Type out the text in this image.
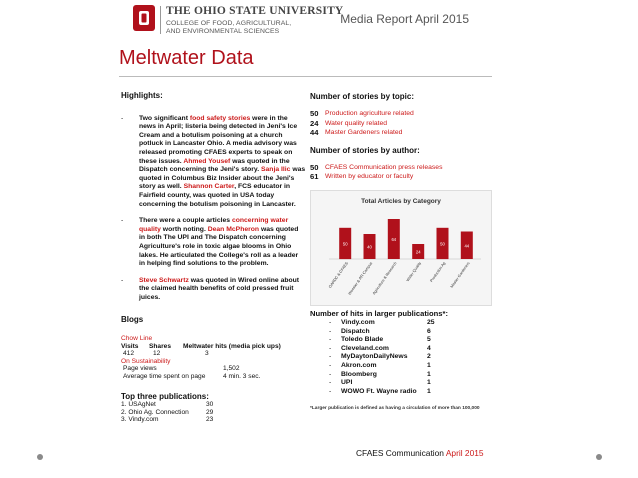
THE OHIO STATE UNIVERSITY
COLLEGE OF FOOD, AGRICULTURAL,
AND ENVIRONMENTAL SCIENCES
Media Report April 2015
Meltwater Data

Highlights:

- Two significant food safety stories were in the news in April; listeria being detected in Jeni's Ice Cream and a botulism poisoning at a church potluck in Lancaster Ohio. A media advisory was released promoting CFAES experts to speak on these issues. Ahmed Yousef was quoted in the Dispatch concerning the Jeni's story. Sanja Ilic was quoted in Columbus Biz Insider about the Jeni's story as well. Shannon Carter, FCS educator in Fairfield county, was quoted in USA today concerning the botulism poisoning in Lancaster.
- There were a couple articles concerning water quality worth noting. Dean McPheron was quoted in both The UPI and The Dispatch concerning Agriculture's role in toxic algae blooms in Ohio lakes. He articulated the College's roll as a leader in helping find solutions to the problem.
- Steve Schwartz was quoted in Wired online about the claimed health benefits of cold pressed fruit juices.

Blogs

Chow Line
Visits	Shares	Meltwater hits (media pick ups)
412	12	3
On Sustainability
Page views	1,502
Average time spent on page	4 min. 3 sec.

Top three publications:

1. USAgNet	30
2. Ohio Ag. Connection	29
3. Vindy.com	23

Number of stories by topic:

50 Production agriculture related
24 Water quality related
44 Master Gardeners related

Number of stories by author:

50 CFAES Communication press releases
61 Written by educator or faculty
Total Articles by Category
50
OARDC & CFAES
40
Wooster & ATI Campus
64
Agriculture & Research
24
Water Quality
50
Production Ag
44
Master Gardeners

Number of hits in larger publications*:

-	Vindy.com	25
-	Dispatch	6
-	Toledo Blade	5
-	Cleveland.com	4
-	MyDaytonDailyNews	2
-	Akron.com	1
-	Bloomberg	1
-	UPI	1
-	WOWO Ft. Wayne radio	1
*Larger publication is defined as having a circulation of more than 100,000
CFAES Communication April 2015
